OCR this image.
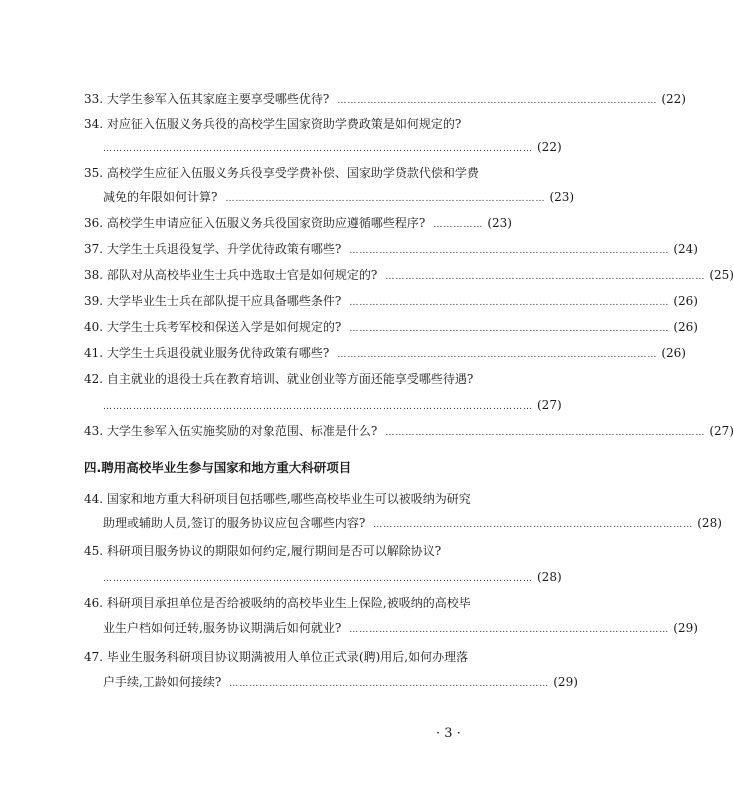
33. 大学生参军入伍其家庭主要享受哪些优待? …………………………………………………………………………………… (22)
34. 对应征入伍服义务兵役的高校学生国家资助学费政策是如何规定的?
………………………………………………………………………………………………………………… (22)
35. 高校学生应征入伍服义务兵役享受学费补偿、国家助学贷款代偿和学费
减免的年限如何计算? …………………………………………………………………………………… (23)
36. 高校学生申请应征入伍服义务兵役国家资助应遵循哪些程序? …………… (23)
37. 大学生士兵退役复学、升学优待政策有哪些? …………………………………………………………………………………… (24)
38. 部队对从高校毕业生士兵中选取士官是如何规定的? …………………………………………………………………………………… (25)
39. 大学毕业生士兵在部队提干应具备哪些条件? …………………………………………………………………………………… (26)
40. 大学生士兵考军校和保送入学是如何规定的? …………………………………………………………………………………… (26)
41. 大学生士兵退役就业服务优待政策有哪些? …………………………………………………………………………………… (26)
42. 自主就业的退役士兵在教育培训、就业创业等方面还能享受哪些待遇?
………………………………………………………………………………………………………………… (27)
43. 大学生参军入伍实施奖励的对象范围、标准是什么? …………………………………………………………………………………… (27)
四.聘用高校毕业生参与国家和地方重大科研项目
44. 国家和地方重大科研项目包括哪些,哪些高校毕业生可以被吸纳为研究
助理或辅助人员,签订的服务协议应包含哪些内容? …………………………………………………………………………………… (28)
45. 科研项目服务协议的期限如何约定,履行期间是否可以解除协议?
………………………………………………………………………………………………………………… (28)
46. 科研项目承担单位是否给被吸纳的高校毕业生上保险,被吸纳的高校毕
业生户档如何迁转,服务协议期满后如何就业? …………………………………………………………………………………… (29)
47. 毕业生服务科研项目协议期满被用人单位正式录(聘)用后,如何办理落
户手续,工龄如何接续? …………………………………………………………………………………… (29)
· 3 ·
